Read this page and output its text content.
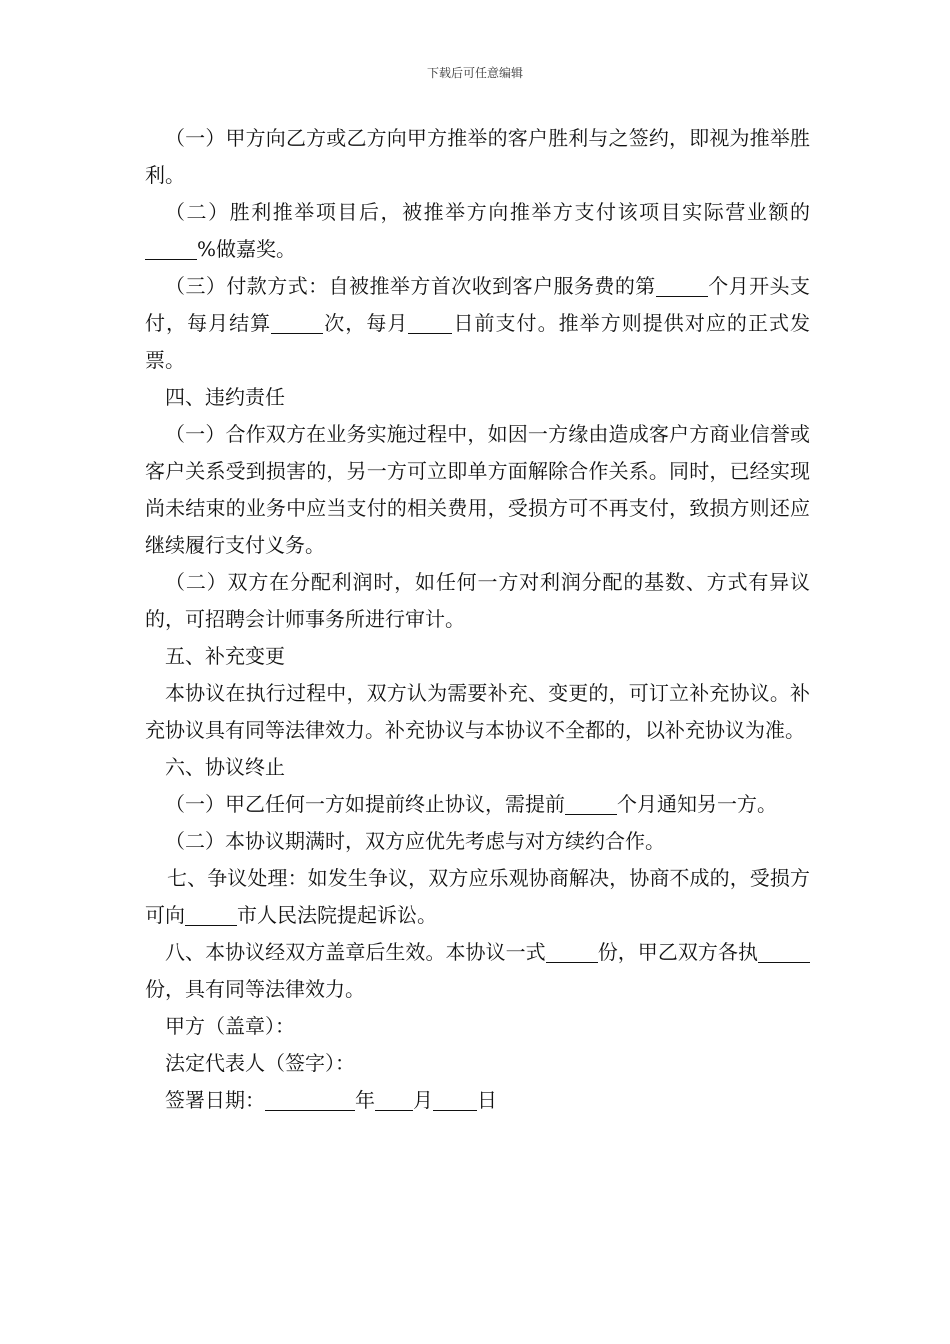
下载后可任意编辑

（一）甲方向乙方或乙方向甲方推举的客户胜利与之签约，即视为推举胜利。

（二）胜利推举项目后，被推举方向推举方支付该项目实际营业额的%做嘉奖。

（三）付款方式：自被推举方首次收到客户服务费的第	个月开头支付，每月结算	次，每月 日前支付。推举方则提供对应的正式发票。

四、违约责任

（一）合作双方在业务实施过程中，如因一方缘由造成客户方商业信誉或客户关系受到损害的，另一方可立即单方面解除合作关系。同时，已经实现尚未结束的业务中应当支付的相关费用，受损方可不再支付，致损方则还应继续履行支付义务。

（二）双方在分配利润时，如任何一方对利润分配的基数、方式有异议的，可招聘会计师事务所进行审计。

五、补充变更

本协议在执行过程中，双方认为需要补充、变更的，可订立补充协议。补充协议具有同等法律效力。补充协议与本协议不全都的，以补充协议为准。

六、协议终止

（一）甲乙任何一方如提前终止协议，需提前	个月通知另一方。

（二）本协议期满时，双方应优先考虑与对方续约合作。

七、争议处理：如发生争议，双方应乐观协商解决，协商不成的，受损方可向	市人民法院提起诉讼。

八、本协议经双方盖章后生效。本协议一式	份，甲乙双方各执份，具有同等法律效力。

甲方（盖章）：

法定代表人（签字）：

签署日期：	年 月 日
